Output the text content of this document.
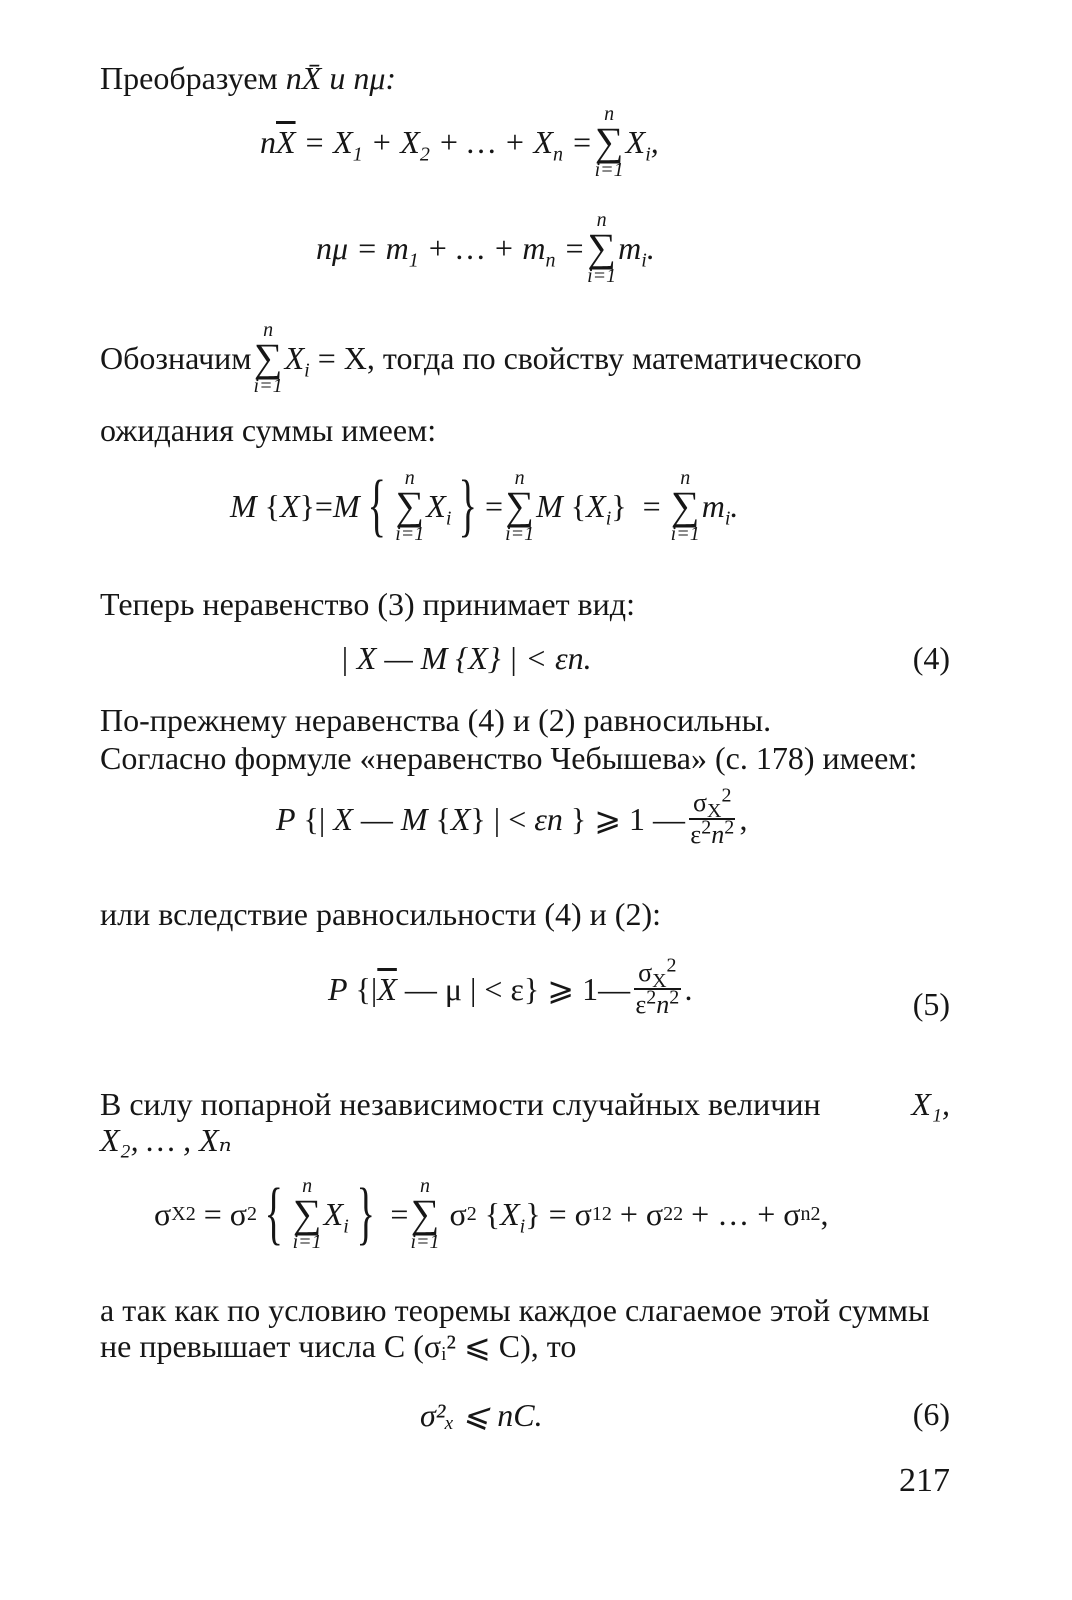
Преобразуем nX̄ и nμ:
$n\overline{X} = X_1 + X_2$ + … + $X_n$ =
n
∑
i=1
$X_i$,
$n\mu = m_1$ + … + $m_n$ =
n
∑
i=1
$m_i$.
Обозначим
n
∑
i=1
$X_i$
= X, тогда по свойству математического
ожидания суммы имеем:
M { X }= M { n
∑
i=1
$X_i$ } =
n
∑
i=1
M { $X_i$ }  =
n
∑
i=1
$m_i$.
Теперь неравенство (3) принимает вид:
| X — M {X} | < εn.	(4)
По-прежнему неравенства (4) и (2) равносильны.
Согласно формуле «неравенство Чебышева» (с. 178) имеем:
P {| X — M { X } | < εn } ⩾ 1 — $\frac{\sigma_X^2}{\varepsilon^2n^2}$ ,
или вследствие равносильности (4) и (2):
P {| $\overline{X}$ — μ | < ε} ⩾ 1— $\frac{\sigma_X^2}{\varepsilon^2n^2}$ .	(5)
В силу попарной независимости случайных величин	X₁,
X₂, … , Xₙ
σ X 2 = σ 2 { n
∑
i=1
$X_i$ } =
n
∑
i=1
σ 2 { $X_i$ } = σ 1 2 + σ 2 2 + … + σ n 2 ,
а так как по условию теоремы каждое слагаемое этой суммы
не превышает числа C (σᵢ² ⩽ C), то
σ²ₓ ⩽ nC.	(6)
217
